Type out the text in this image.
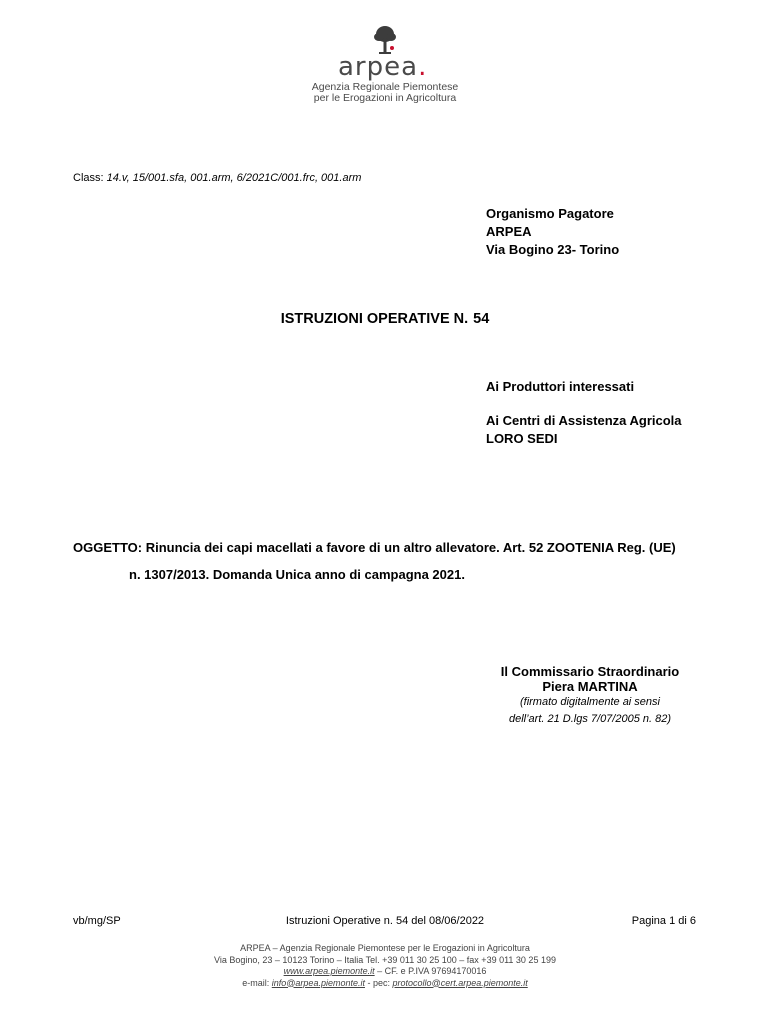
arpea.
Agenzia Regionale Piemontese
per le Erogazioni in Agricoltura
Class: 14.v, 15/001.sfa, 001.arm, 6/2021C/001.frc, 001.arm
Organismo Pagatore
ARPEA
Via Bogino 23- Torino
ISTRUZIONI OPERATIVE N. 54
Ai Produttori interessati
Ai Centri di Assistenza Agricola
LORO SEDI
OGGETTO: Rinuncia dei capi macellati a favore di un altro allevatore. Art. 52 ZOOTENIA Reg. (UE)
n. 1307/2013. Domanda Unica anno di campagna 2021.
Il Commissario Straordinario
Piera MARTINA
(firmato digitalmente ai sensi
dell’art. 21 D.lgs 7/07/2005 n. 82)
vb/mg/SP	Istruzioni Operative n. 54 del 08/06/2022	Pagina 1 di 6
ARPEA – Agenzia Regionale Piemontese per le Erogazioni in Agricoltura
Via Bogino, 23 – 10123 Torino – Italia Tel. +39 011 30 25 100 – fax +39 011 30 25 199
www.arpea.piemonte.it – CF. e P.IVA 97694170016
e-mail: info@arpea.piemonte.it - pec: protocollo@cert.arpea.piemonte.it
